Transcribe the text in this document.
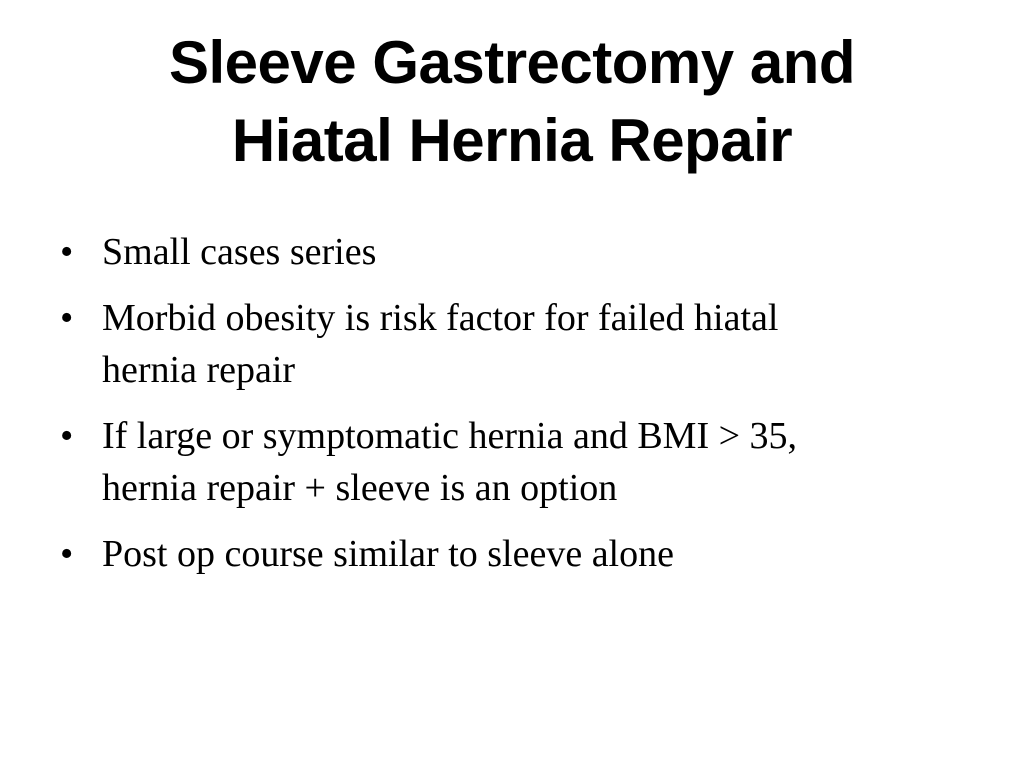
Sleeve Gastrectomy and
Hiatal Hernia Repair
• Small cases series
• Morbid obesity is risk factor for failed hiatal
hernia repair
• If large or symptomatic hernia and BMI > 35,
hernia repair + sleeve is an option
• Post op course similar to sleeve alone
